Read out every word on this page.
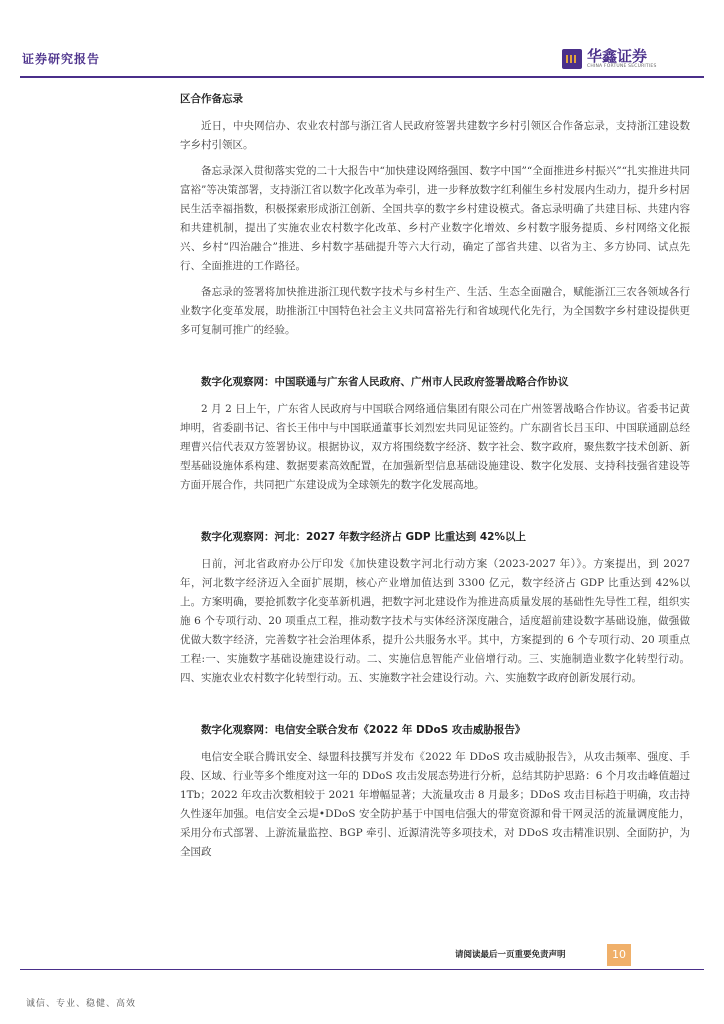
证券研究报告	华鑫证券
CHINA FORTUNE SECURITIES
区合作备忘录

近日，中央网信办、农业农村部与浙江省人民政府签署共建数字乡村引领区合作备忘录，支持浙江建设数字乡村引领区。

备忘录深入贯彻落实党的二十大报告中“加快建设网络强国、数字中国”“全面推进乡村振兴”“扎实推进共同富裕”等决策部署，支持浙江省以数字化改革为牵引，进一步释放数字红利催生乡村发展内生动力，提升乡村居民生活幸福指数，积极探索形成浙江创新、全国共享的数字乡村建设模式。备忘录明确了共建目标、共建内容和共建机制，提出了实施农业农村数字化改革、乡村产业数字化增效、乡村数字服务提质、乡村网络文化振兴、乡村“四治融合”推进、乡村数字基础提升等六大行动，确定了部省共建、以省为主、多方协同、试点先行、全面推进的工作路径。

备忘录的签署将加快推进浙江现代数字技术与乡村生产、生活、生态全面融合，赋能浙江三农各领域各行业数字化变革发展，助推浙江中国特色社会主义共同富裕先行和省域现代化先行，为全国数字乡村建设提供更多可复制可推广的经验。

数字化观察网：中国联通与广东省人民政府、广州市人民政府签署战略合作协议

2 月 2 日上午，广东省人民政府与中国联合网络通信集团有限公司在广州签署战略合作协议。省委书记黄坤明，省委副书记、省长王伟中与中国联通董事长刘烈宏共同见证签约。广东副省长吕玉印、中国联通副总经理曹兴信代表双方签署协议。根据协议，双方将围绕数字经济、数字社会、数字政府，聚焦数字技术创新、新型基础设施体系构建、数据要素高效配置，在加强新型信息基础设施建设、数字化发展、支持科技强省建设等方面开展合作，共同把广东建设成为全球领先的数字化发展高地。

数字化观察网：河北：2027 年数字经济占 GDP 比重达到 42%以上

日前，河北省政府办公厅印发《加快建设数字河北行动方案（2023-2027 年）》。方案提出，到 2027 年，河北数字经济迈入全面扩展期，核心产业增加值达到 3300 亿元，数字经济占 GDP 比重达到 42%以上。方案明确，要抢抓数字化变革新机遇，把数字河北建设作为推进高质量发展的基础性先导性工程，组织实施 6 个专项行动、20 项重点工程，推动数字技术与实体经济深度融合，适度超前建设数字基础设施，做强做优做大数字经济，完善数字社会治理体系，提升公共服务水平。其中，方案提到的 6 个专项行动、20 项重点工程:一、实施数字基础设施建设行动。二、实施信息智能产业倍增行动。三、实施制造业数字化转型行动。四、实施农业农村数字化转型行动。五、实施数字社会建设行动。六、实施数字政府创新发展行动。

数字化观察网：电信安全联合发布《2022 年 DDoS 攻击威胁报告》

电信安全联合腾讯安全、绿盟科技撰写并发布《2022 年 DDoS 攻击威胁报告》，从攻击频率、强度、手段、区域、行业等多个维度对这一年的 DDoS 攻击发展态势进行分析，总结其防护思路：6 个月攻击峰值超过 1Tb；2022 年攻击次数相较于 2021 年增幅显著；大流量攻击 8 月最多；DDoS 攻击目标趋于明确，攻击持久性逐年加强。电信安全云堤•DDoS 安全防护基于中国电信强大的带宽资源和骨干网灵活的流量调度能力，采用分布式部署、上游流量监控、BGP 牵引、近源清洗等多项技术，对 DDoS 攻击精准识别、全面防护，为全国政

请阅读最后一页重要免责声明	10
诚信、专业、稳健、高效
